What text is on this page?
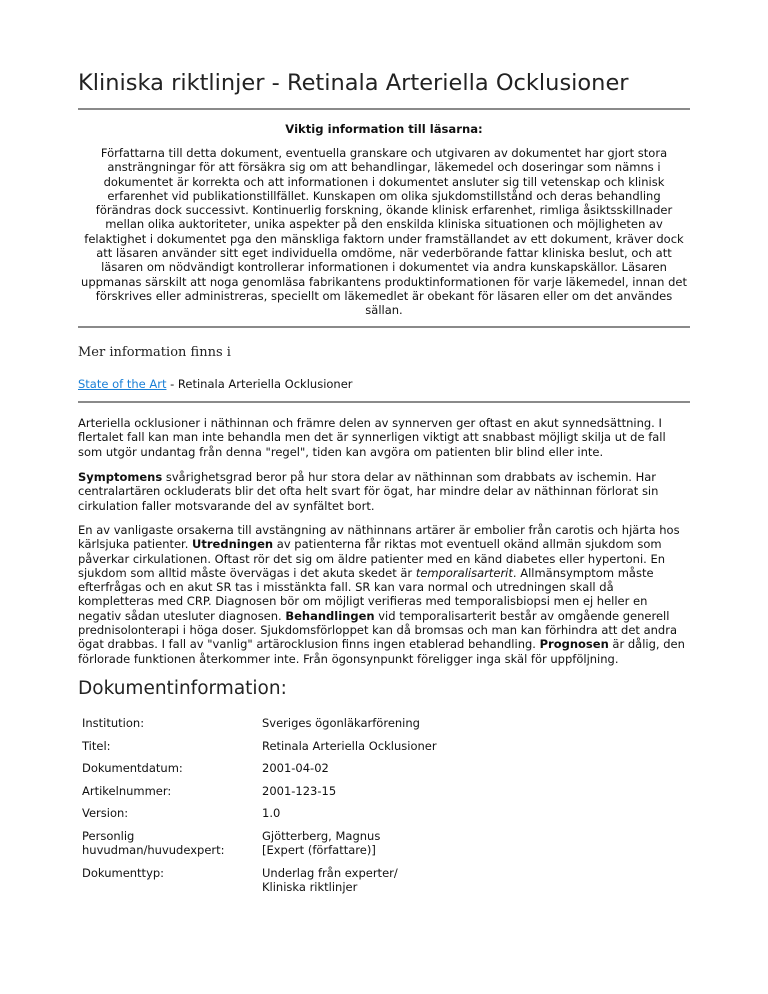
Kliniska riktlinjer - Retinala Arteriella Ocklusioner
Viktig information till läsarna:

Författarna till detta dokument, eventuella granskare och utgivaren av dokumentet har gjort stora ansträngningar för att försäkra sig om att behandlingar, läkemedel och doseringar som nämns i dokumentet är korrekta och att informationen i dokumentet ansluter sig till vetenskap och klinisk erfarenhet vid publikationstillfället. Kunskapen om olika sjukdomstillstånd och deras behandling förändras dock successivt. Kontinuerlig forskning, ökande klinisk erfarenhet, rimliga åsiktsskillnader mellan olika auktoriteter, unika aspekter på den enskilda kliniska situationen och möjligheten av felaktighet i dokumentet pga den mänskliga faktorn under framställandet av ett dokument, kräver dock att läsaren använder sitt eget individuella omdöme, när vederbörande fattar kliniska beslut, och att läsaren om nödvändigt kontrollerar informationen i dokumentet via andra kunskapskällor. Läsaren uppmanas särskilt att noga genomläsa fabrikantens produktinformationen för varje läkemedel, innan det förskrives eller administreras, speciellt om läkemedlet är obekant för läsaren eller om det användes sällan.

Mer information finns i

State of the Art - Retinala Arteriella Ocklusioner

Arteriella ocklusioner i näthinnan och främre delen av synnerven ger oftast en akut synnedsättning. I flertalet fall kan man inte behandla men det är synnerligen viktigt att snabbast möjligt skilja ut de fall som utgör undantag från denna "regel", tiden kan avgöra om patienten blir blind eller inte.

Symptomens svårighetsgrad beror på hur stora delar av näthinnan som drabbats av ischemin. Har centralartären ockluderats blir det ofta helt svart för ögat, har mindre delar av näthinnan förlorat sin cirkulation faller motsvarande del av synfältet bort.

En av vanligaste orsakerna till avstängning av näthinnans artärer är embolier från carotis och hjärta hos kärlsjuka patienter. Utredningen av patienterna får riktas mot eventuell okänd allmän sjukdom som påverkar cirkulationen. Oftast rör det sig om äldre patienter med en känd diabetes eller hypertoni. En sjukdom som alltid måste övervägas i det akuta skedet är temporalisarterit. Allmänsymptom måste efterfrågas och en akut SR tas i misstänkta fall. SR kan vara normal och utredningen skall då kompletteras med CRP. Diagnosen bör om möjligt verifieras med temporalisbiopsi men ej heller en negativ sådan utesluter diagnosen. Behandlingen vid temporalisarterit består av omgående generell prednisolonterapi i höga doser. Sjukdomsförloppet kan då bromsas och man kan förhindra att det andra ögat drabbas. I fall av "vanlig" artärocklusion finns ingen etablerad behandling. Prognosen är dålig, den förlorade funktionen återkommer inte. Från ögonsynpunkt föreligger inga skäl för uppföljning.

Dokumentinformation:
Institution:	Sveriges ögonläkarförening
Titel:	Retinala Arteriella Ocklusioner
Dokumentdatum:	2001-04-02
Artikelnummer:	2001-123-15
Version:	1.0
Personlig
huvudman/huvudexpert:	Gjötterberg, Magnus
[Expert (författare)]
Dokumenttyp:	Underlag från experter/
Kliniska riktlinjer
